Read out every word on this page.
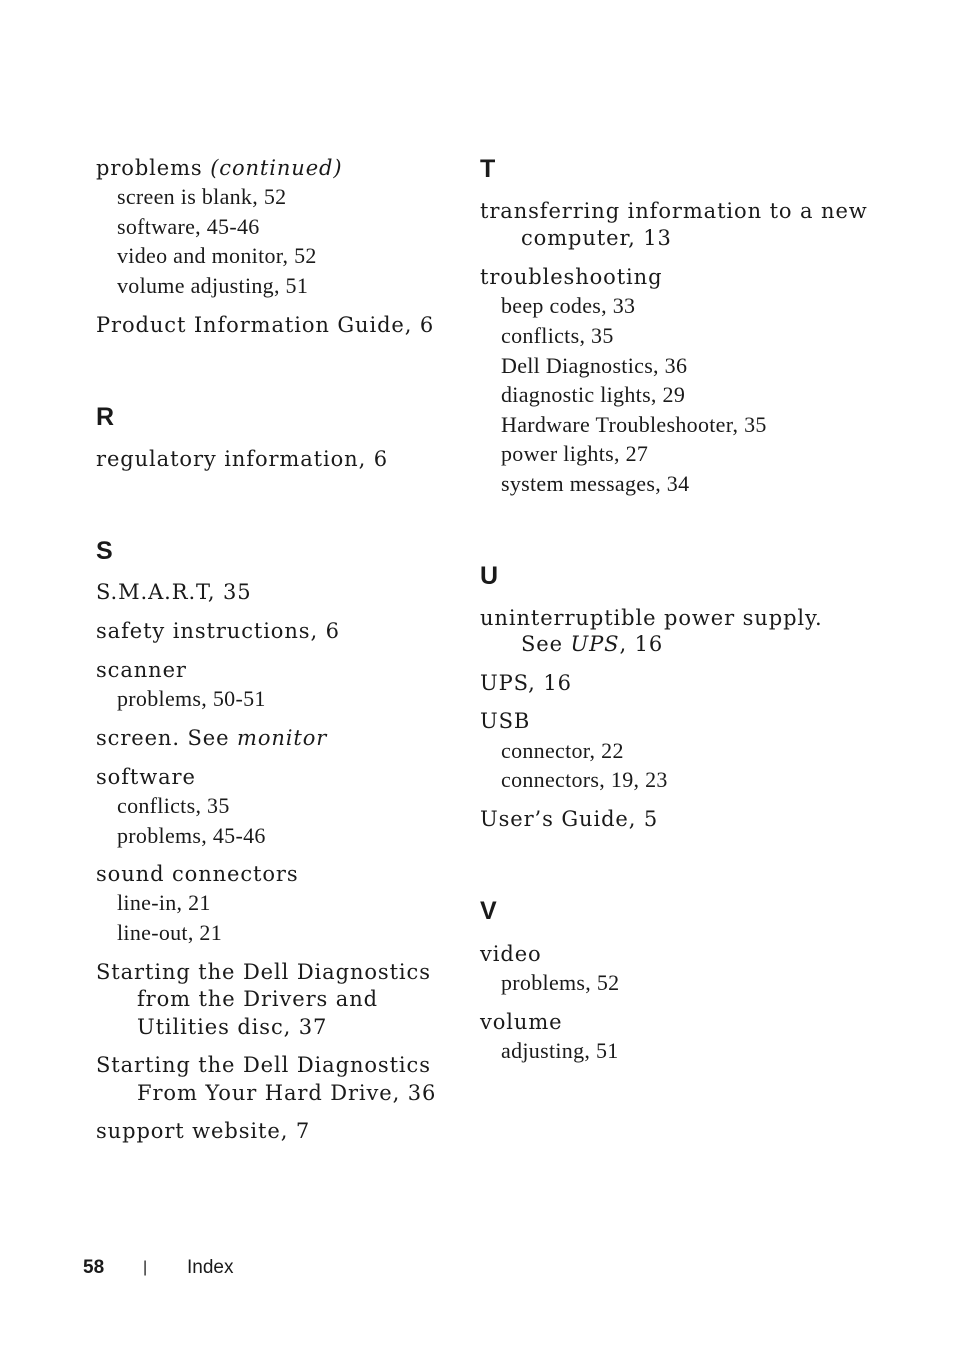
problems (continued)
screen is blank, 52
software, 45-46
video and monitor, 52
volume adjusting, 51
Product Information Guide, 6
R
regulatory information, 6
S
S.M.A.R.T, 35
safety instructions, 6
scanner
problems, 50-51
screen. See monitor
software
conflicts, 35
problems, 45-46
sound connectors
line-in, 21
line-out, 21
Starting the Dell Diagnostics
from the Drivers and
Utilities disc, 37
Starting the Dell Diagnostics
From Your Hard Drive, 36
support website, 7
T
transferring information to a new
computer, 13
troubleshooting
beep codes, 33
conflicts, 35
Dell Diagnostics, 36
diagnostic lights, 29
Hardware Troubleshooter, 35
power lights, 27
system messages, 34
U
uninterruptible power supply.
See UPS, 16
UPS, 16
USB
connector, 22
connectors, 19, 23
User’s Guide, 5
V
video
problems, 52
volume
adjusting, 51
58 | Index
